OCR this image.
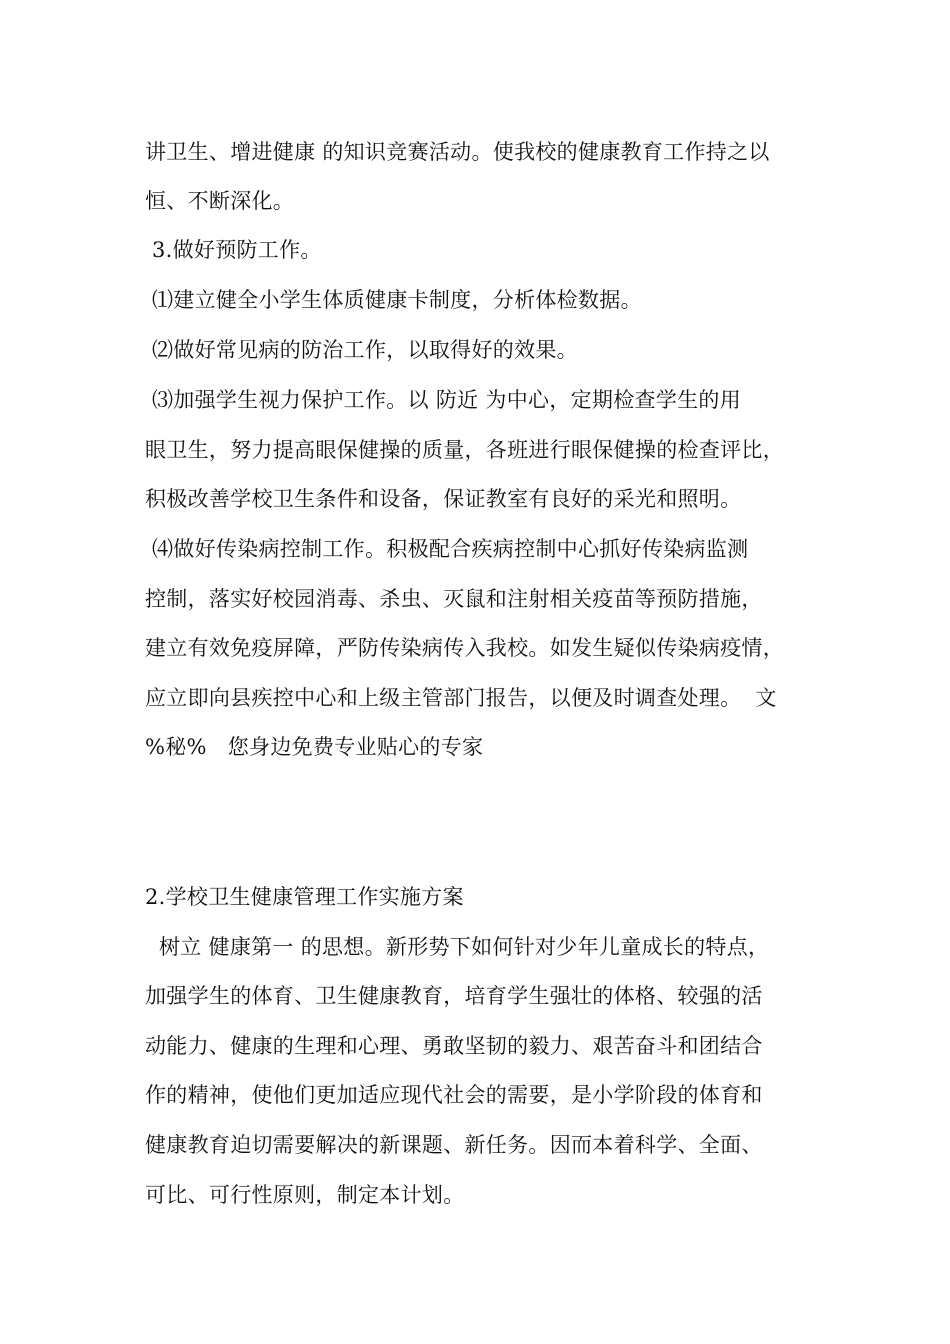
讲卫生、增进健康 的知识竞赛活动。使我校的健康教育工作持之以
恒、不断深化。
3.做好预防工作。
⑴建立健全小学生体质健康卡制度，分析体检数据。
⑵做好常见病的防治工作，以取得好的效果。
⑶加强学生视力保护工作。以 防近 为中心，定期检查学生的用
眼卫生，努力提高眼保健操的质量，各班进行眼保健操的检查评比，
积极改善学校卫生条件和设备，保证教室有良好的采光和照明。
⑷做好传染病控制工作。积极配合疾病控制中心抓好传染病监测
控制，落实好校园消毒、杀虫、灭鼠和注射相关疫苗等预防措施，
建立有效免疫屏障，严防传染病传入我校。如发生疑似传染病疫情，
应立即向县疾控中心和上级主管部门报告，以便及时调查处理。  文
%秘%   您身边免费专业贴心的专家
2.学校卫生健康管理工作实施方案
树立 健康第一 的思想。新形势下如何针对少年儿童成长的特点，
加强学生的体育、卫生健康教育，培育学生强壮的体格、较强的活
动能力、健康的生理和心理、勇敢坚韧的毅力、艰苦奋斗和团结合
作的精神，使他们更加适应现代社会的需要，是小学阶段的体育和
健康教育迫切需要解决的新课题、新任务。因而本着科学、全面、
可比、可行性原则，制定本计划。
